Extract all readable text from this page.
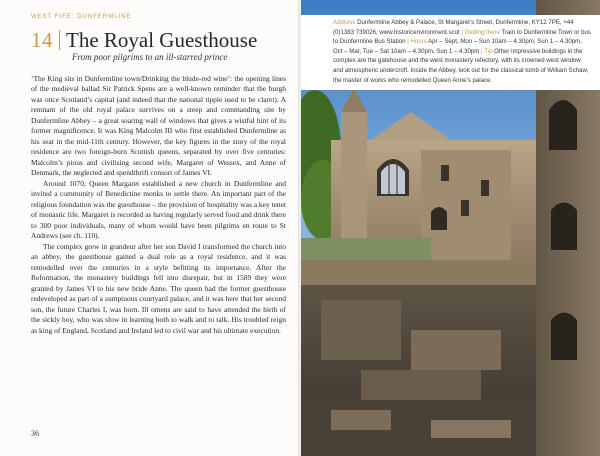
WEST FIFE: DUNFERMLINE
14 The Royal Guesthouse
From poor pilgrims to an ill-starred prince

‘The King sits in Dunfermline town/Drinking the blude-red wine’: the opening lines of the medieval ballad Sir Patrick Spens are a well-known reminder that the burgh was once Scotland’s capital (and indeed that the national tipple used to be claret). A remnant of the old royal palace survives on a steep and commanding site by Dunfermline Abbey – a great soaring wall of windows that gives a wistful hint of its former magnificence. It was King Malcolm III who first established Dunfermline as his seat in the mid-11th century. However, the key figures in the story of the royal residence are two foreign-born Scottish queens, separated by over five centuries: Malcolm’s pious and civilising second wife, Margaret of Wessex, and Anne of Denmark, the neglected and spendthrift consort of James VI.

Around 1070, Queen Margaret established a new church in Dunfermline and invited a community of Benedictine monks to settle there. An important part of the religious foundation was the guesthouse – the provision of hospitality was a key tenet of monastic life. Margaret is recorded as having regularly served food and drink there to 300 poor individuals, many of whom would have been pilgrims en route to St Andrews (see ch. 110).

The complex grew in grandeur after her son David I transformed the church into an abbey, the guesthouse gained a dual role as a royal residence, and it was remodelled over the centuries in a style befitting its importance. After the Reformation, the monastery buildings fell into disrepair, but in 1589 they were granted by James VI to his new bride Anne. The queen had the former guesthouse redeveloped as part of a sumptuous courtyard palace, and it was here that her second son, the future Charles I, was born. Ill omens are said to have attended the birth of the sickly boy, who was slow in learning both to walk and to talk. His troubled reign as king of England, Scotland and Ireland led to civil war and his ultimate execution.

36
Address Dunfermline Abbey & Palace, St Margaret’s Street, Dunfermline, KY12 7PE, +44 (0)1383 739026, www.historicenvironment.scot | Getting there Train to Dunfermline Town or bus to Dunfermline Bus Station | Hours Apr – Sept, Mon – Sun 10am – 4.30pm, Sun 1 – 4.30pm, Oct – Mar, Tue – Sat 10am – 4.30pm, Sun 1 – 4.30pm | Tip Other impressive buildings in the complex are the gatehouse and the west monastery refectory, with its crowned west window and atmospheric undercroft. Inside the Abbey, look out for the classical tomb of William Schaw, the master of works who remodelled Queen Anne’s palace.
